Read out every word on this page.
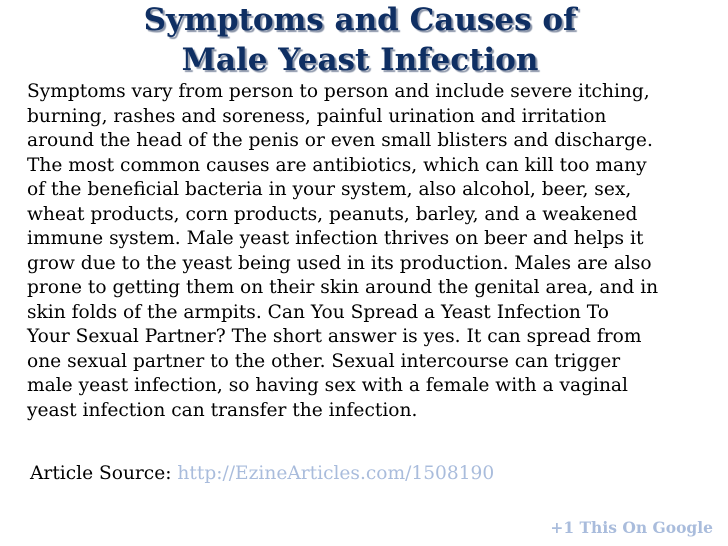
Symptoms and Causes of
Male Yeast Infection

Symptoms vary from person to person and include severe itching,
burning, rashes and soreness, painful urination and irritation
around the head of the penis or even small blisters and discharge.
The most common causes are antibiotics, which can kill too many
of the beneficial bacteria in your system, also alcohol, beer, sex,
wheat products, corn products, peanuts, barley, and a weakened
immune system. Male yeast infection thrives on beer and helps it
grow due to the yeast being used in its production. Males are also
prone to getting them on their skin around the genital area, and in
skin folds of the armpits. Can You Spread a Yeast Infection To
Your Sexual Partner? The short answer is yes. It can spread from
one sexual partner to the other. Sexual intercourse can trigger
male yeast infection, so having sex with a female with a vaginal
yeast infection can transfer the infection.

Article Source: http://EzineArticles.com/1508190
+1 This On Google
